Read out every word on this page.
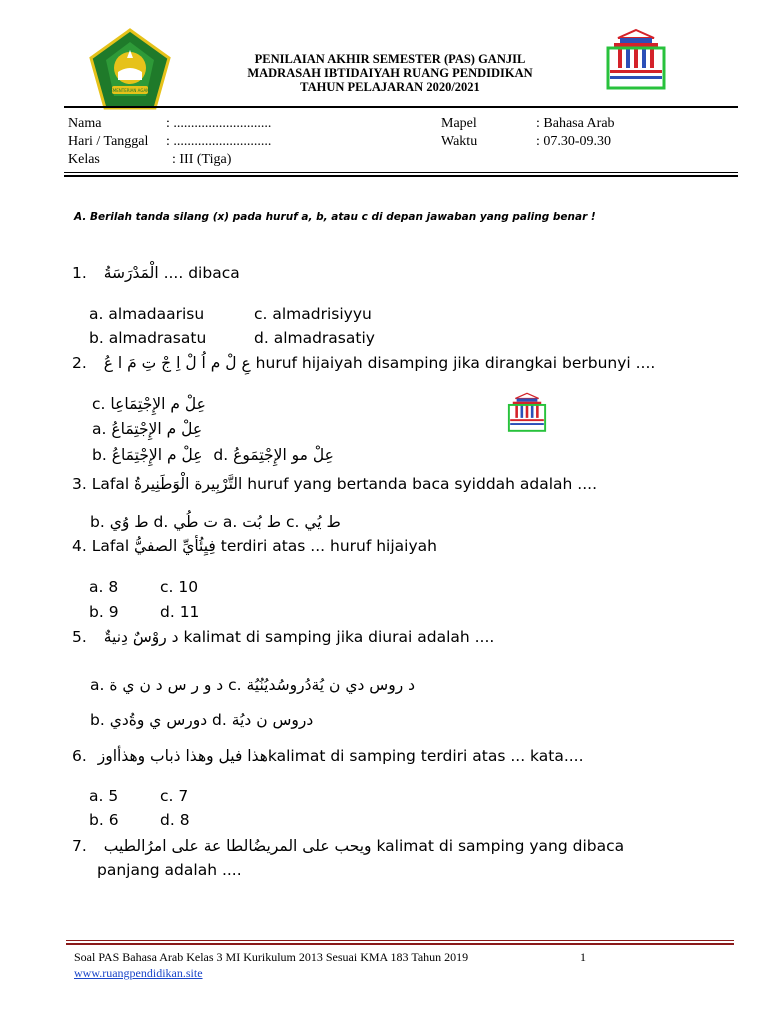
KEMENTERIAN AGAMA
PENILAIAN AKHIR SEMESTER (PAS) GANJIL
MADRASAH IBTIDAIYAH RUANG PENDIDIKAN
TAHUN PELAJARAN 2020/2021
Nama	: ............................
Hari / Tanggal : ............................
Kelas	: III (Tiga)
Mapel	: Bahasa Arab
Waktu	: 07.30-09.30
A. Berilah tanda silang (x) pada huruf a, b, atau c di depan jawaban yang paling benar !
1. الْمَدْرَسَةُ .... dibaca
a. almadaarisu	c. almadrisiyyu
b. almadrasatu	d. almadrasatiy
2. عِ لْ م اُ لْ اِ جْ تِ مَ ا عُ huruf hijaiyah disamping jika dirangkai berbunyi ....
c. عِلْ م الإِجْتِمَاعِا
a. عِلْ م الإِجْتِمَاعُ
b. عِلْ م الإِجْتِمَاعُ d. عِلْ مو الإِجْتِمَوعُ
3. Lafal التَّرْبِيرة الْوَطَنِيرةُ huruf yang bertanda baca syiddah adalah ....
b. ط وُي d. ت طُي a. ط بُت c. ط يُي
4. Lafal فِيِئُأيِّ الصفيُّ terdiri atas ... huruf hijaiyah
a. 8	c. 10
b. 9	d. 11
5. د روْسٌ دِنيةٌ kalimat di samping jika diurai adalah ....
a. د و ر س د ن ي ة c. د روس دي ن يُةدُروسُديُنُيُة
b. دورس ي وةُدي d. دروس ن ديُة
6. هذا فيل وهذا ذباب وهذأاوزkalimat di samping terdiri atas ... kata....
a. 5	c. 7
b. 6	d. 8
7. ويحب على المريضُالطا عة على امرُالطيب kalimat di samping yang dibaca
panjang adalah ....
Soal PAS Bahasa Arab Kelas 3 MI Kurikulum 2013 Sesuai KMA 183 Tahun 2019	1
www.ruangpendidikan.site
